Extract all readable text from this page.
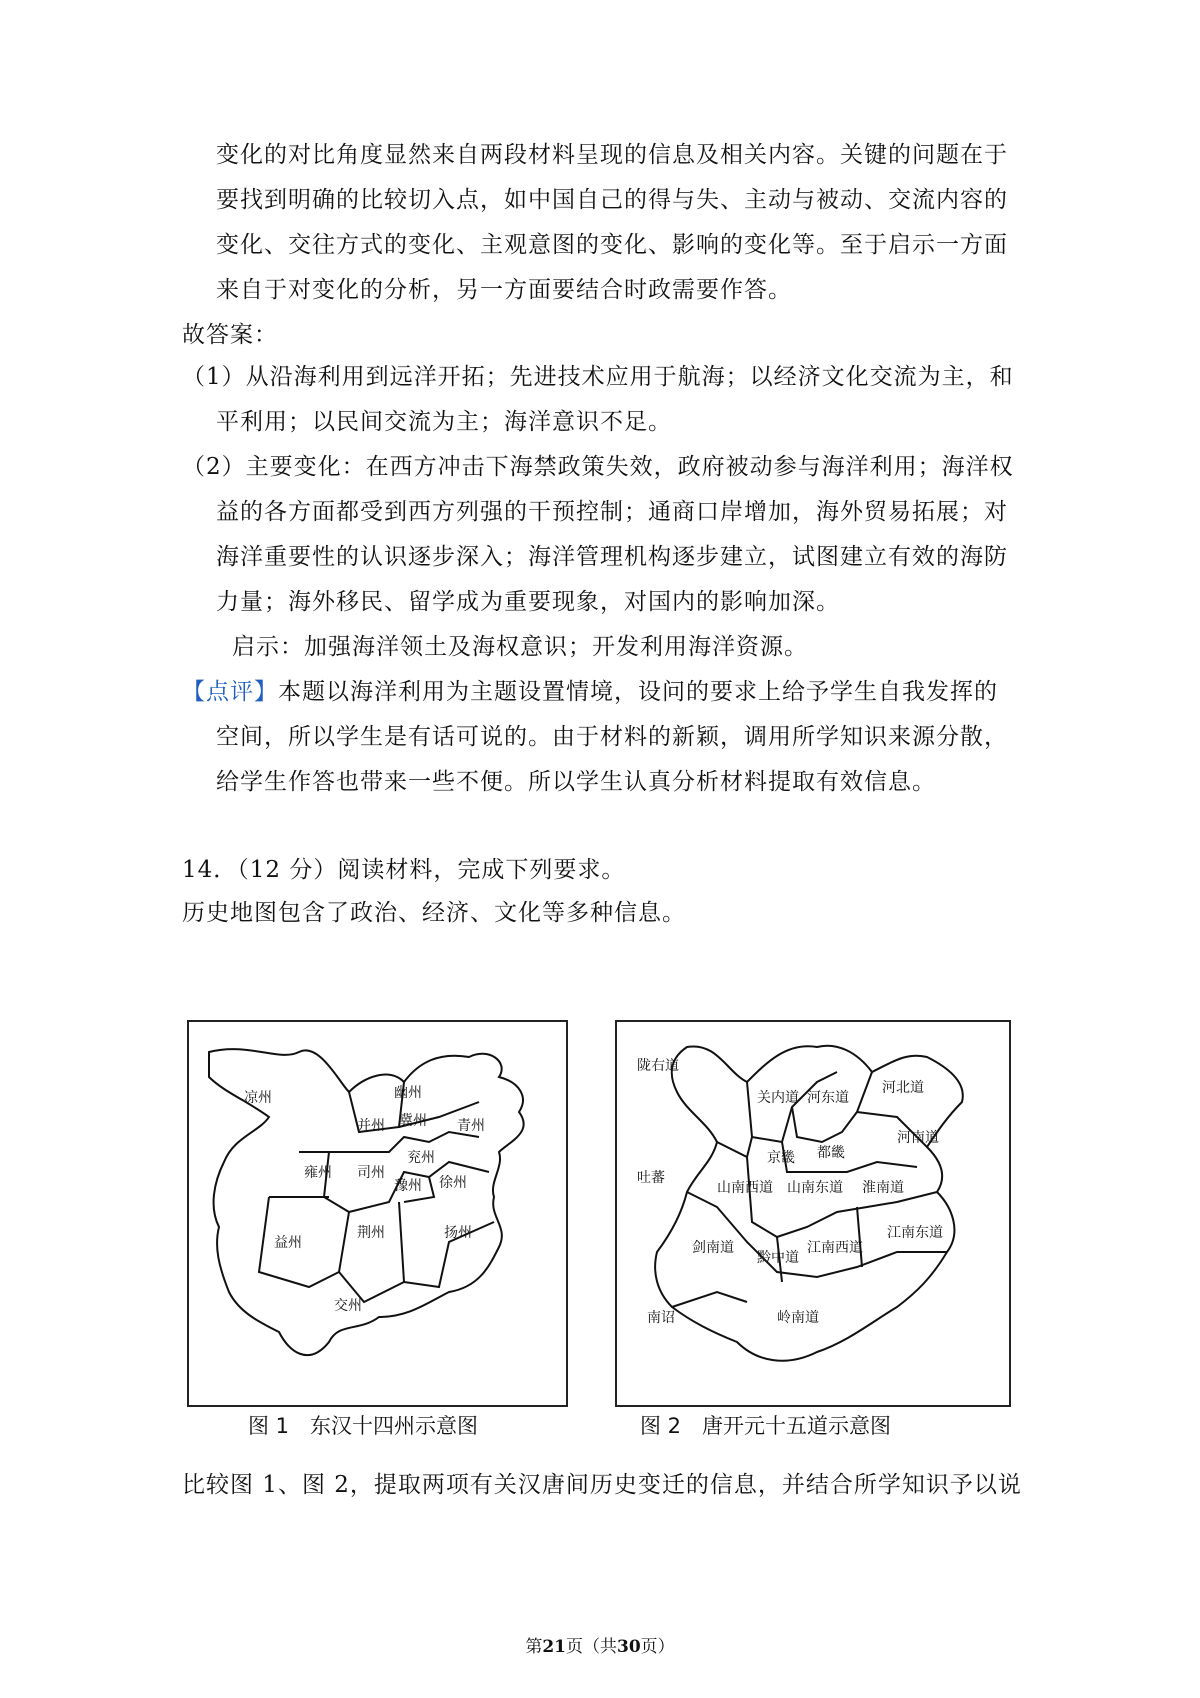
变化的对比角度显然来自两段材料呈现的信息及相关内容。关键的问题在于
要找到明确的比较切入点，如中国自己的得与失、主动与被动、交流内容的
变化、交往方式的变化、主观意图的变化、影响的变化等。至于启示一方面
来自于对变化的分析，另一方面要结合时政需要作答。
故答案：
（1）从沿海利用到远洋开拓；先进技术应用于航海；以经济文化交流为主，和
平利用；以民间交流为主；海洋意识不足。
（2）主要变化：在西方冲击下海禁政策失效，政府被动参与海洋利用；海洋权
益的各方面都受到西方列强的干预控制；通商口岸增加，海外贸易拓展；对
海洋重要性的认识逐步深入；海洋管理机构逐步建立，试图建立有效的海防
力量；海外移民、留学成为重要现象，对国内的影响加深。
启示：加强海洋领土及海权意识；开发利用海洋资源。
【点评】本题以海洋利用为主题设置情境，设问的要求上给予学生自我发挥的
空间，所以学生是有话可说的。由于材料的新颖，调用所学知识来源分散，
给学生作答也带来一些不便。所以学生认真分析材料提取有效信息。
14．（12 分）阅读材料，完成下列要求。
历史地图包含了政治、经济、文化等多种信息。
凉州	幽州
并州 冀州 青州
雍州 司州
兖州
豫州 徐州
益州
荆州	扬州
交州
图 1　东汉十四州示意图
陇右道
关内道 河东道
河北道
河南道
京畿 都畿
山南西道 山南东道 淮南道
吐蕃
剑南道
黔中道
江南西道
江南东道
南诏	岭南道
图 2　唐开元十五道示意图
比较图 1、图 2，提取两项有关汉唐间历史变迁的信息，并结合所学知识予以说
第21页（共30页）
